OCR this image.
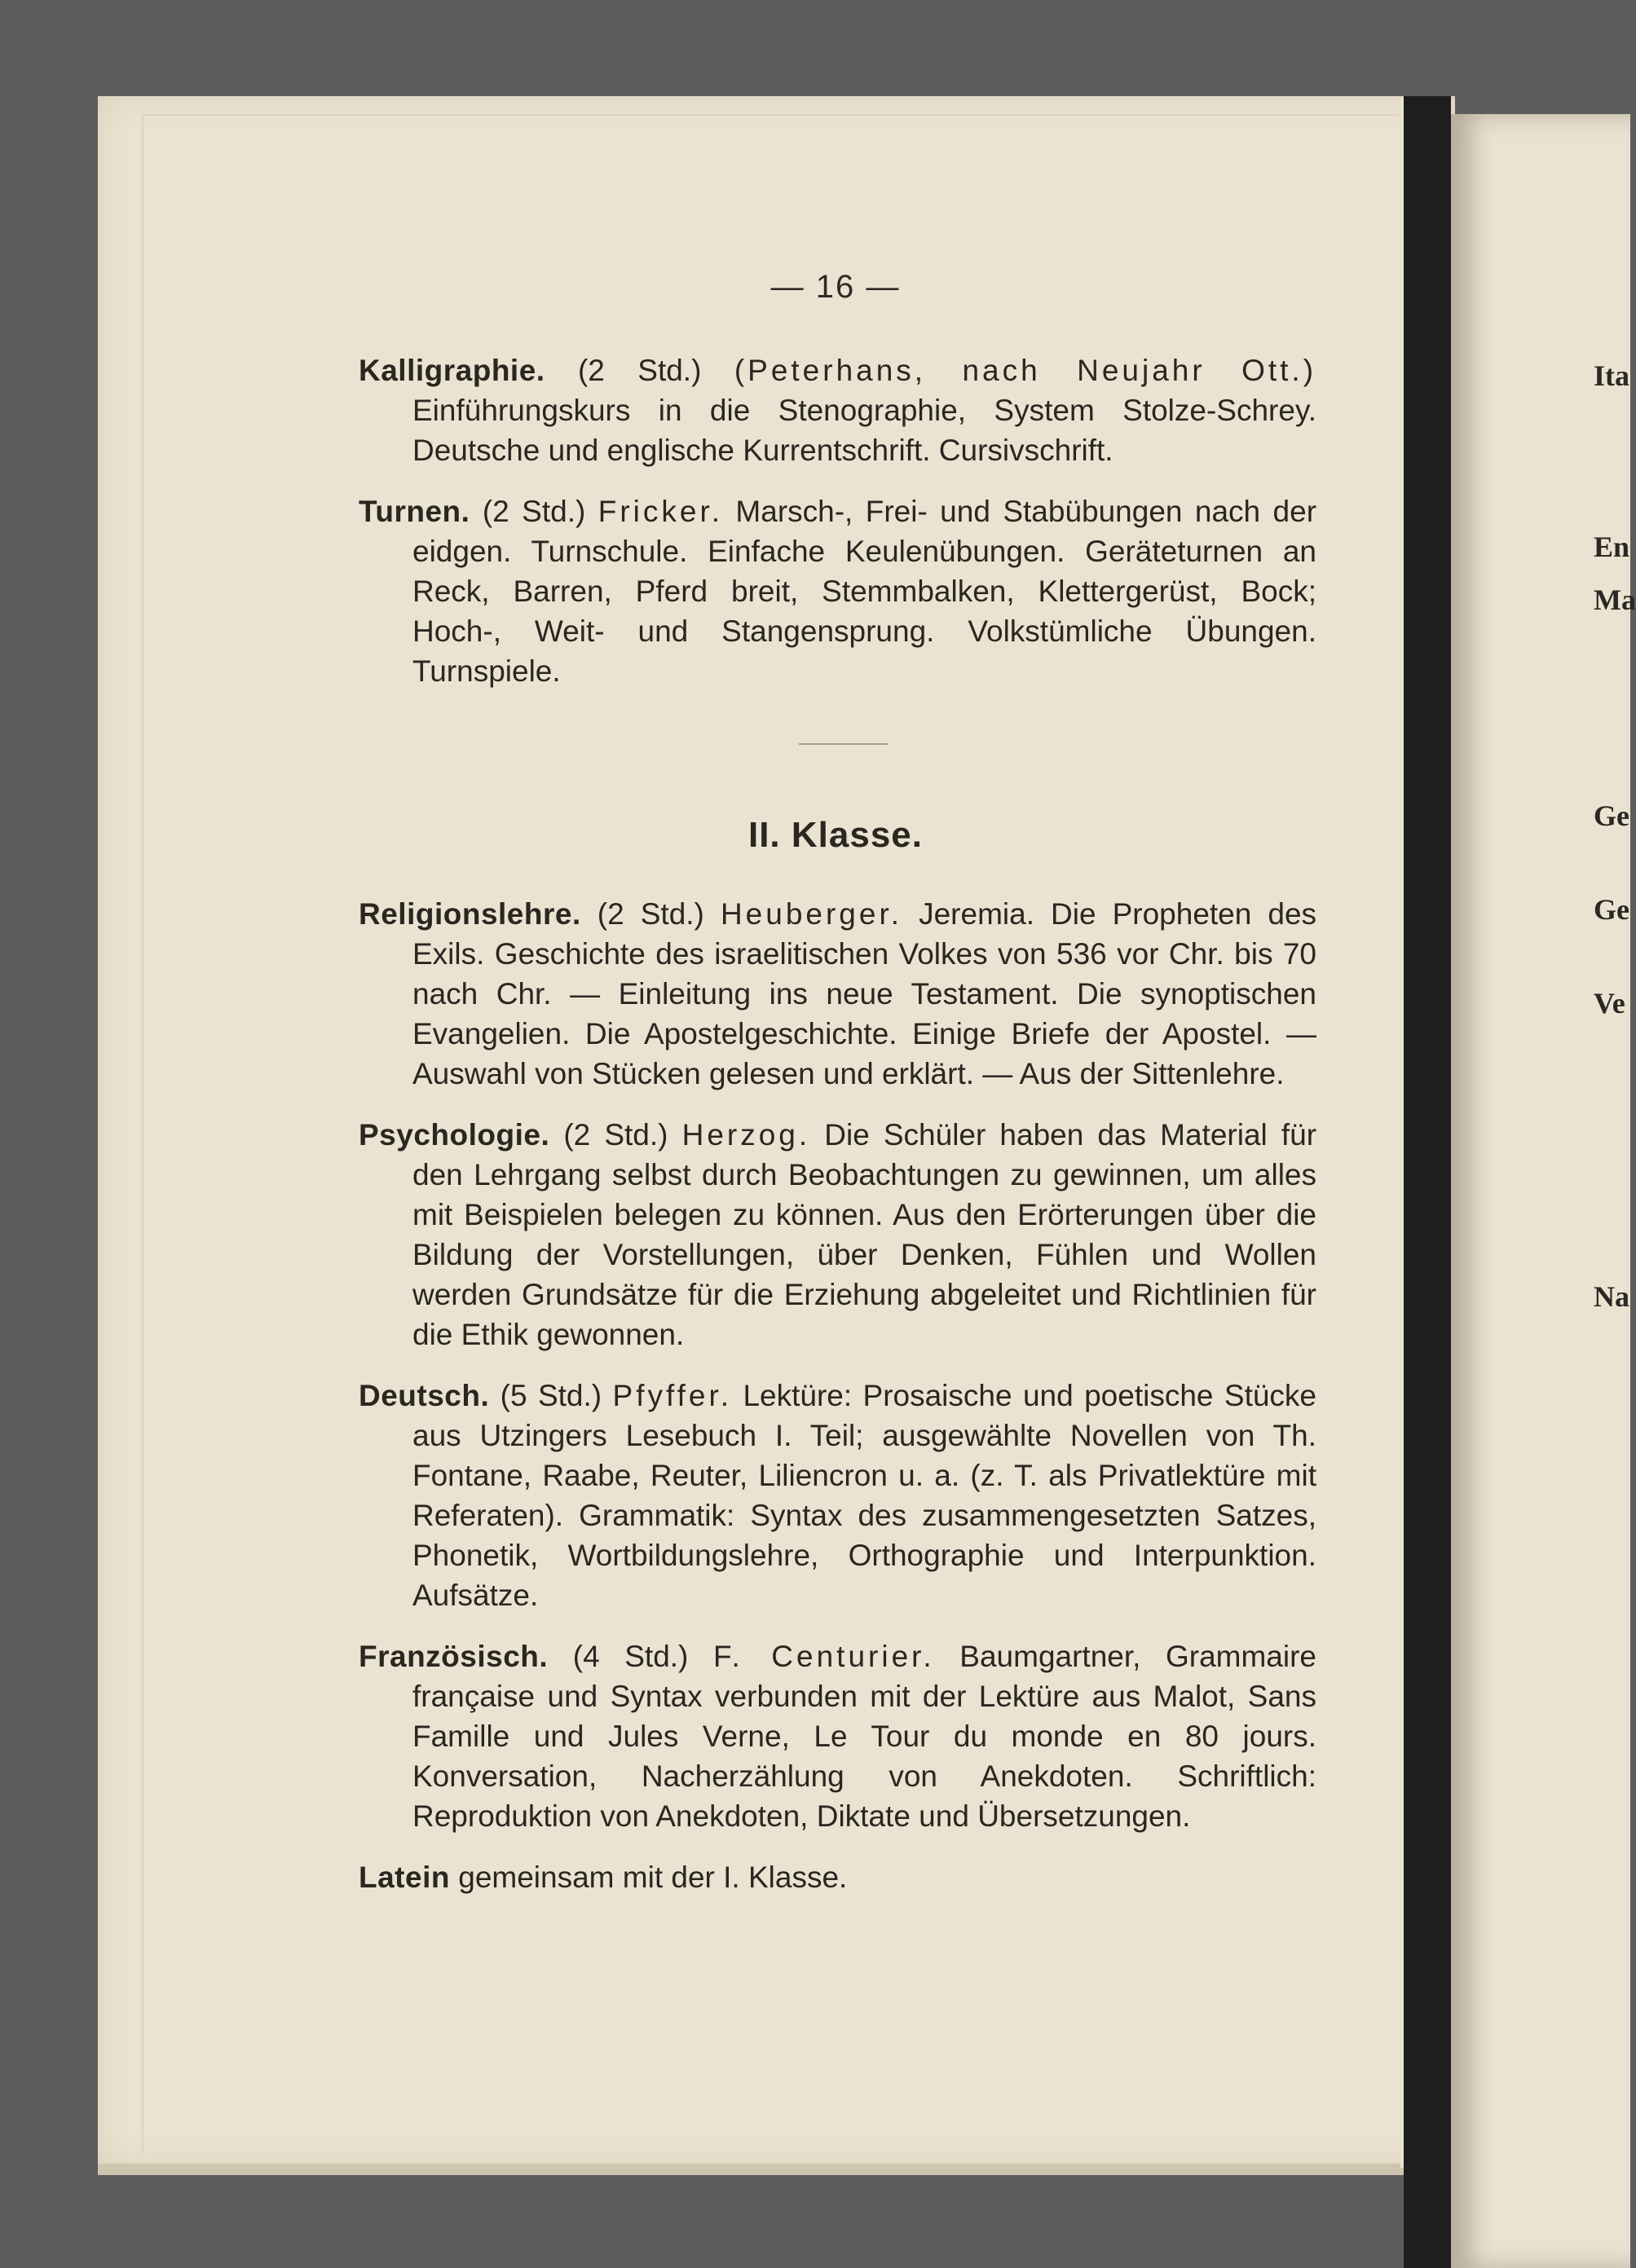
Ita
En
Ma
Ge
Ge
Ve
Na
— 16 —

Kalligraphie. (2 Std.) (Peterhans, nach Neujahr Ott.) Einführungskurs in die Stenographie, System Stolze-Schrey. Deutsche und englische Kurrentschrift. Cursivschrift.

Turnen. (2 Std.) Fricker. Marsch-, Frei- und Stabübungen nach der eidgen. Turnschule. Einfache Keulenübungen. Geräteturnen an Reck, Barren, Pferd breit, Stemmbalken, Klettergerüst, Bock; Hoch-, Weit- und Stangensprung. Volkstümliche Übungen. Turnspiele.

II. Klasse.

Religionslehre. (2 Std.) Heuberger. Jeremia. Die Propheten des Exils. Geschichte des israelitischen Volkes von 536 vor Chr. bis 70 nach Chr. — Einleitung ins neue Testament. Die synoptischen Evangelien. Die Apostelgeschichte. Einige Briefe der Apostel. — Auswahl von Stücken gelesen und erklärt. — Aus der Sittenlehre.

Psychologie. (2 Std.) Herzog. Die Schüler haben das Material für den Lehrgang selbst durch Beobachtungen zu gewinnen, um alles mit Beispielen belegen zu können. Aus den Erörterungen über die Bildung der Vorstellungen, über Denken, Fühlen und Wollen werden Grundsätze für die Erziehung abgeleitet und Richtlinien für die Ethik gewonnen.

Deutsch. (5 Std.) Pfyffer. Lektüre: Prosaische und poetische Stücke aus Utzingers Lesebuch I. Teil; ausgewählte Novellen von Th. Fontane, Raabe, Reuter, Liliencron u. a. (z. T. als Privatlektüre mit Referaten). Grammatik: Syntax des zusammengesetzten Satzes, Phonetik, Wortbildungslehre, Orthographie und Interpunktion. Aufsätze.

Französisch. (4 Std.) F. Centurier. Baumgartner, Grammaire française und Syntax verbunden mit der Lektüre aus Malot, Sans Famille und Jules Verne, Le Tour du monde en 80 jours. Konversation, Nacherzählung von Anekdoten. Schriftlich: Reproduktion von Anekdoten, Diktate und Übersetzungen.

Latein gemeinsam mit der I. Klasse.
